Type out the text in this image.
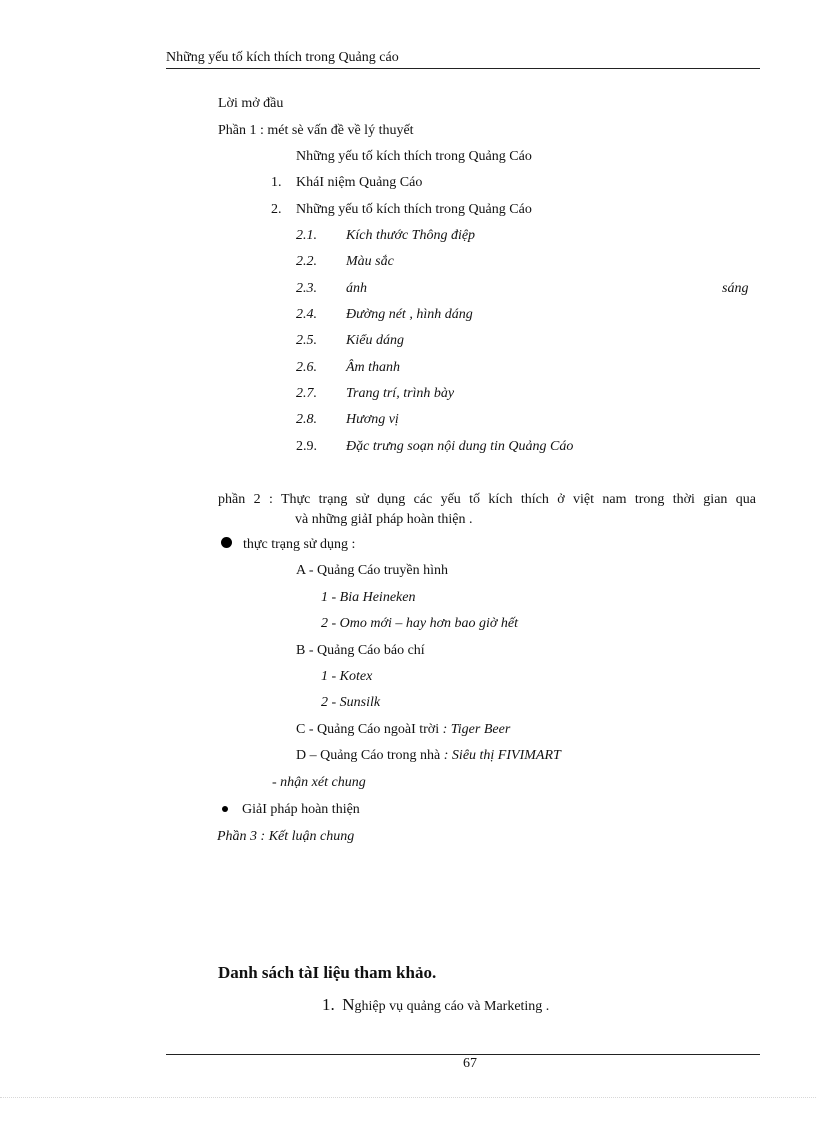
Những yếu tố kích thích trong Quảng cáo
Lời mở đầu
Phần 1 : mét sè vấn đề về lý thuyết
Những yếu tố kích thích trong Quảng Cáo
1. KháI niệm Quảng Cáo
2. Những yếu tố kích thích trong Quảng Cáo
2.1. Kích thước Thông điệp
2.2. Màu sắc
2.3. ánh	sáng
2.4. Đường nét , hình dáng
2.5. Kiểu dáng
2.6. Âm thanh
2.7. Trang trí, trình bày
2.8. Hương vị
2.9. Đặc trưng soạn nội dung tin Quảng Cáo
phần 2 : Thực trạng sử dụng các yếu tố kích thích ở việt nam trong thời gian qua
và những giảI pháp hoàn thiện .
thực trạng sử dụng :
A - Quảng Cáo truyền hình
1 - Bia Heineken
2 - Omo mới – hay hơn bao giờ hết
B - Quảng Cáo báo chí
1 - Kotex
2 - Sunsilk
C - Quảng Cáo ngoàI trời : Tiger Beer
D – Quảng Cáo trong nhà : Siêu thị FIVIMART
- nhận xét chung
GiảI pháp hoàn thiện
Phần 3 : Kết luận chung
Danh sách tàI liệu tham khảo.
1. Nghiệp vụ quảng cáo và Marketing .
67
